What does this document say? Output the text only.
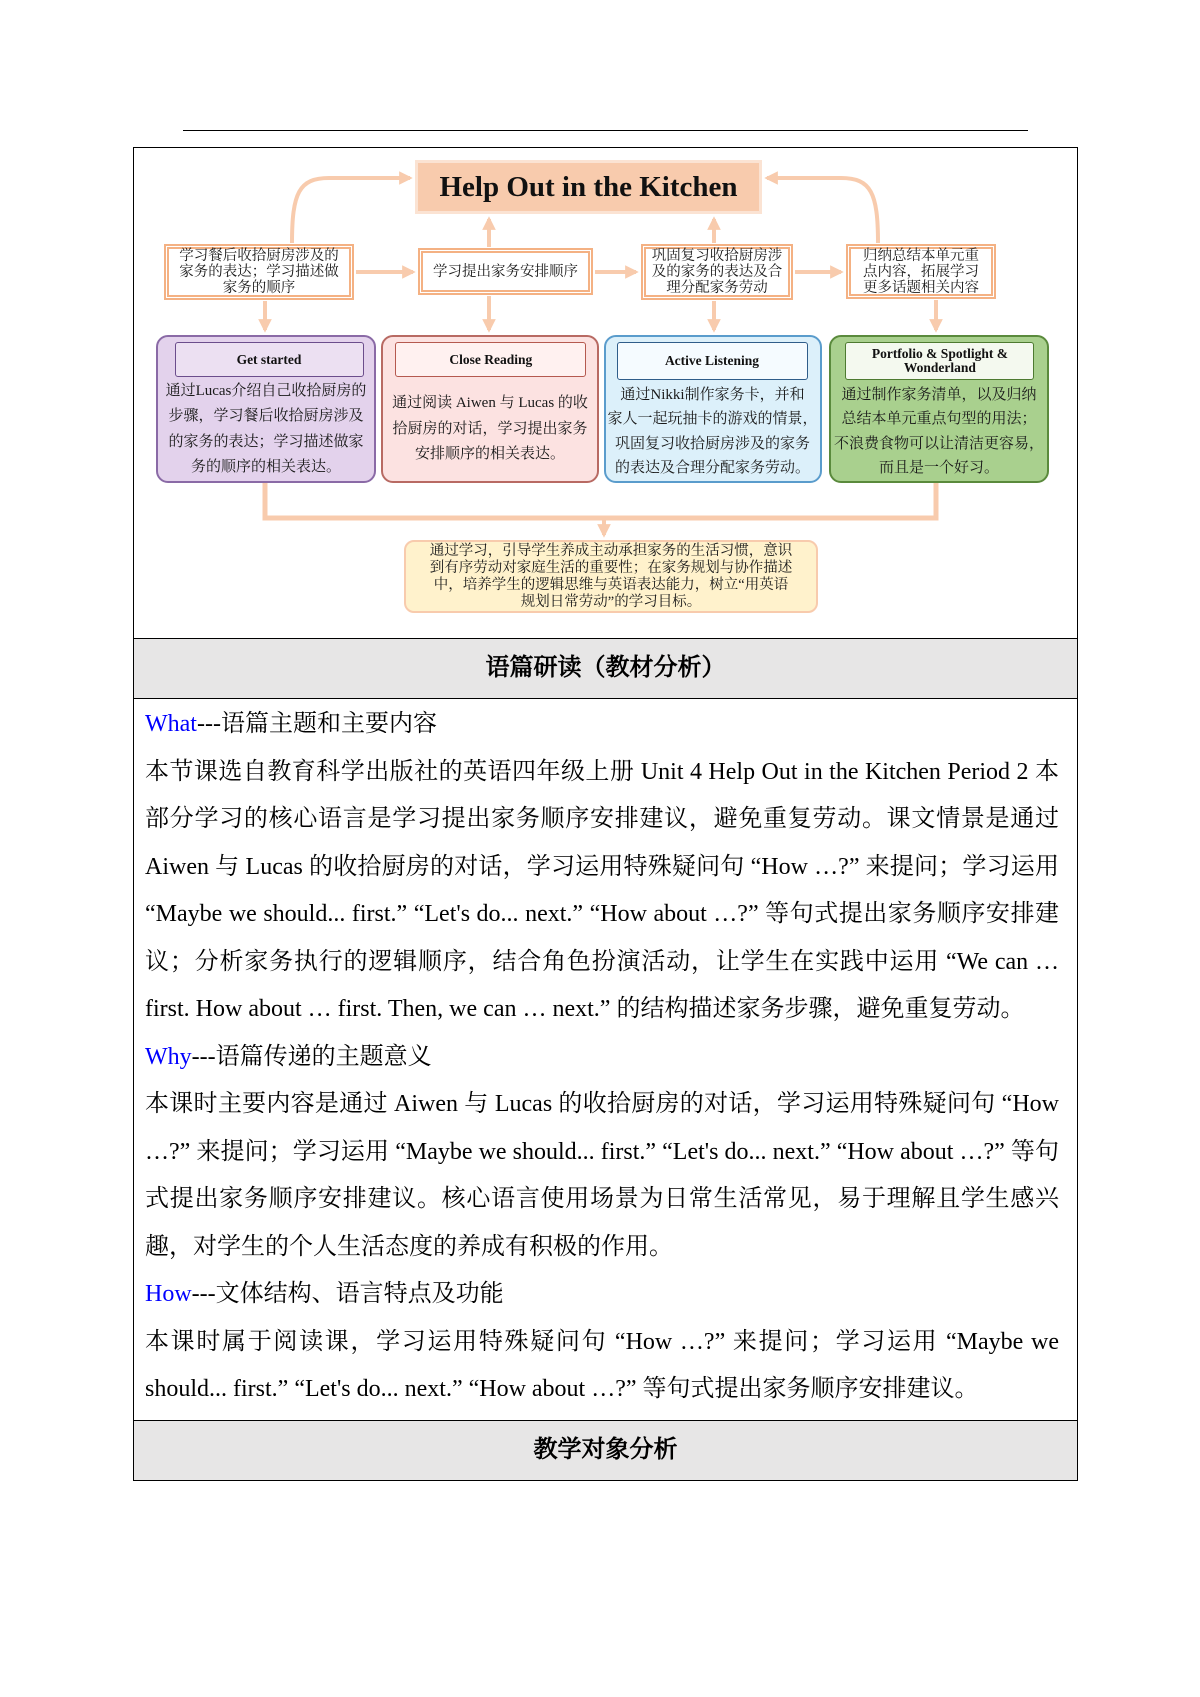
Help Out in the Kitchen
学习餐后收拾厨房涉及的
家务的表达；学习描述做
家务的顺序
学习提出家务安排顺序
巩固复习收拾厨房涉
及的家务的表达及合
理分配家务劳动
归纳总结本单元重
点内容，拓展学习
更多话题相关内容
Get started
通过Lucas介绍自己收拾厨房的
步骤，学习餐后收拾厨房涉及
的家务的表达；学习描述做家
务的顺序的相关表达。
Close Reading
通过阅读 Aiwen 与 Lucas 的收
拾厨房的对话，学习提出家务
安排顺序的相关表达。
Active Listening
通过Nikki制作家务卡，并和
家人一起玩抽卡的游戏的情景，
巩固复习收拾厨房涉及的家务
的表达及合理分配家务劳动。
Portfolio & Spotlight & Wonderland
通过制作家务清单，以及归纳
总结本单元重点句型的用法；
不浪费食物可以让清洁更容易，
而且是一个好习。
通过学习，引导学生养成主动承担家务的生活习惯，意识
到有序劳动对家庭生活的重要性；在家务规划与协作描述
中，培养学生的逻辑思维与英语表达能力，树立“用英语
规划日常劳动”的学习目标。
语篇研读（教材分析）
What---语篇主题和主要内容

本节课选自教育科学出版社的英语四年级上册 Unit 4 Help Out in the Kitchen Period 2 本部分学习的核心语言是学习提出家务顺序安排建议，避免重复劳动。课文情景是通过 Aiwen 与 Lucas 的收拾厨房的对话，学习运用特殊疑问句 “How …?” 来提问；学习运用 “Maybe we should... first.” “Let's do... next.” “How about …?” 等句式提出家务顺序安排建议；分析家务执行的逻辑顺序，结合角色扮演活动，让学生在实践中运用 “We can … first. How about … first. Then, we can … next.” 的结构描述家务步骤，避免重复劳动。

Why---语篇传递的主题意义

本课时主要内容是通过 Aiwen 与 Lucas 的收拾厨房的对话，学习运用特殊疑问句 “How …?” 来提问；学习运用 “Maybe we should... first.” “Let's do... next.” “How about …?” 等句式提出家务顺序安排建议。核心语言使用场景为日常生活常见，易于理解且学生感兴趣，对学生的个人生活态度的养成有积极的作用。

How---文体结构、语言特点及功能

本课时属于阅读课，学习运用特殊疑问句 “How …?” 来提问；学习运用 “Maybe we should... first.” “Let's do... next.” “How about …?” 等句式提出家务顺序安排建议。

教学对象分析
